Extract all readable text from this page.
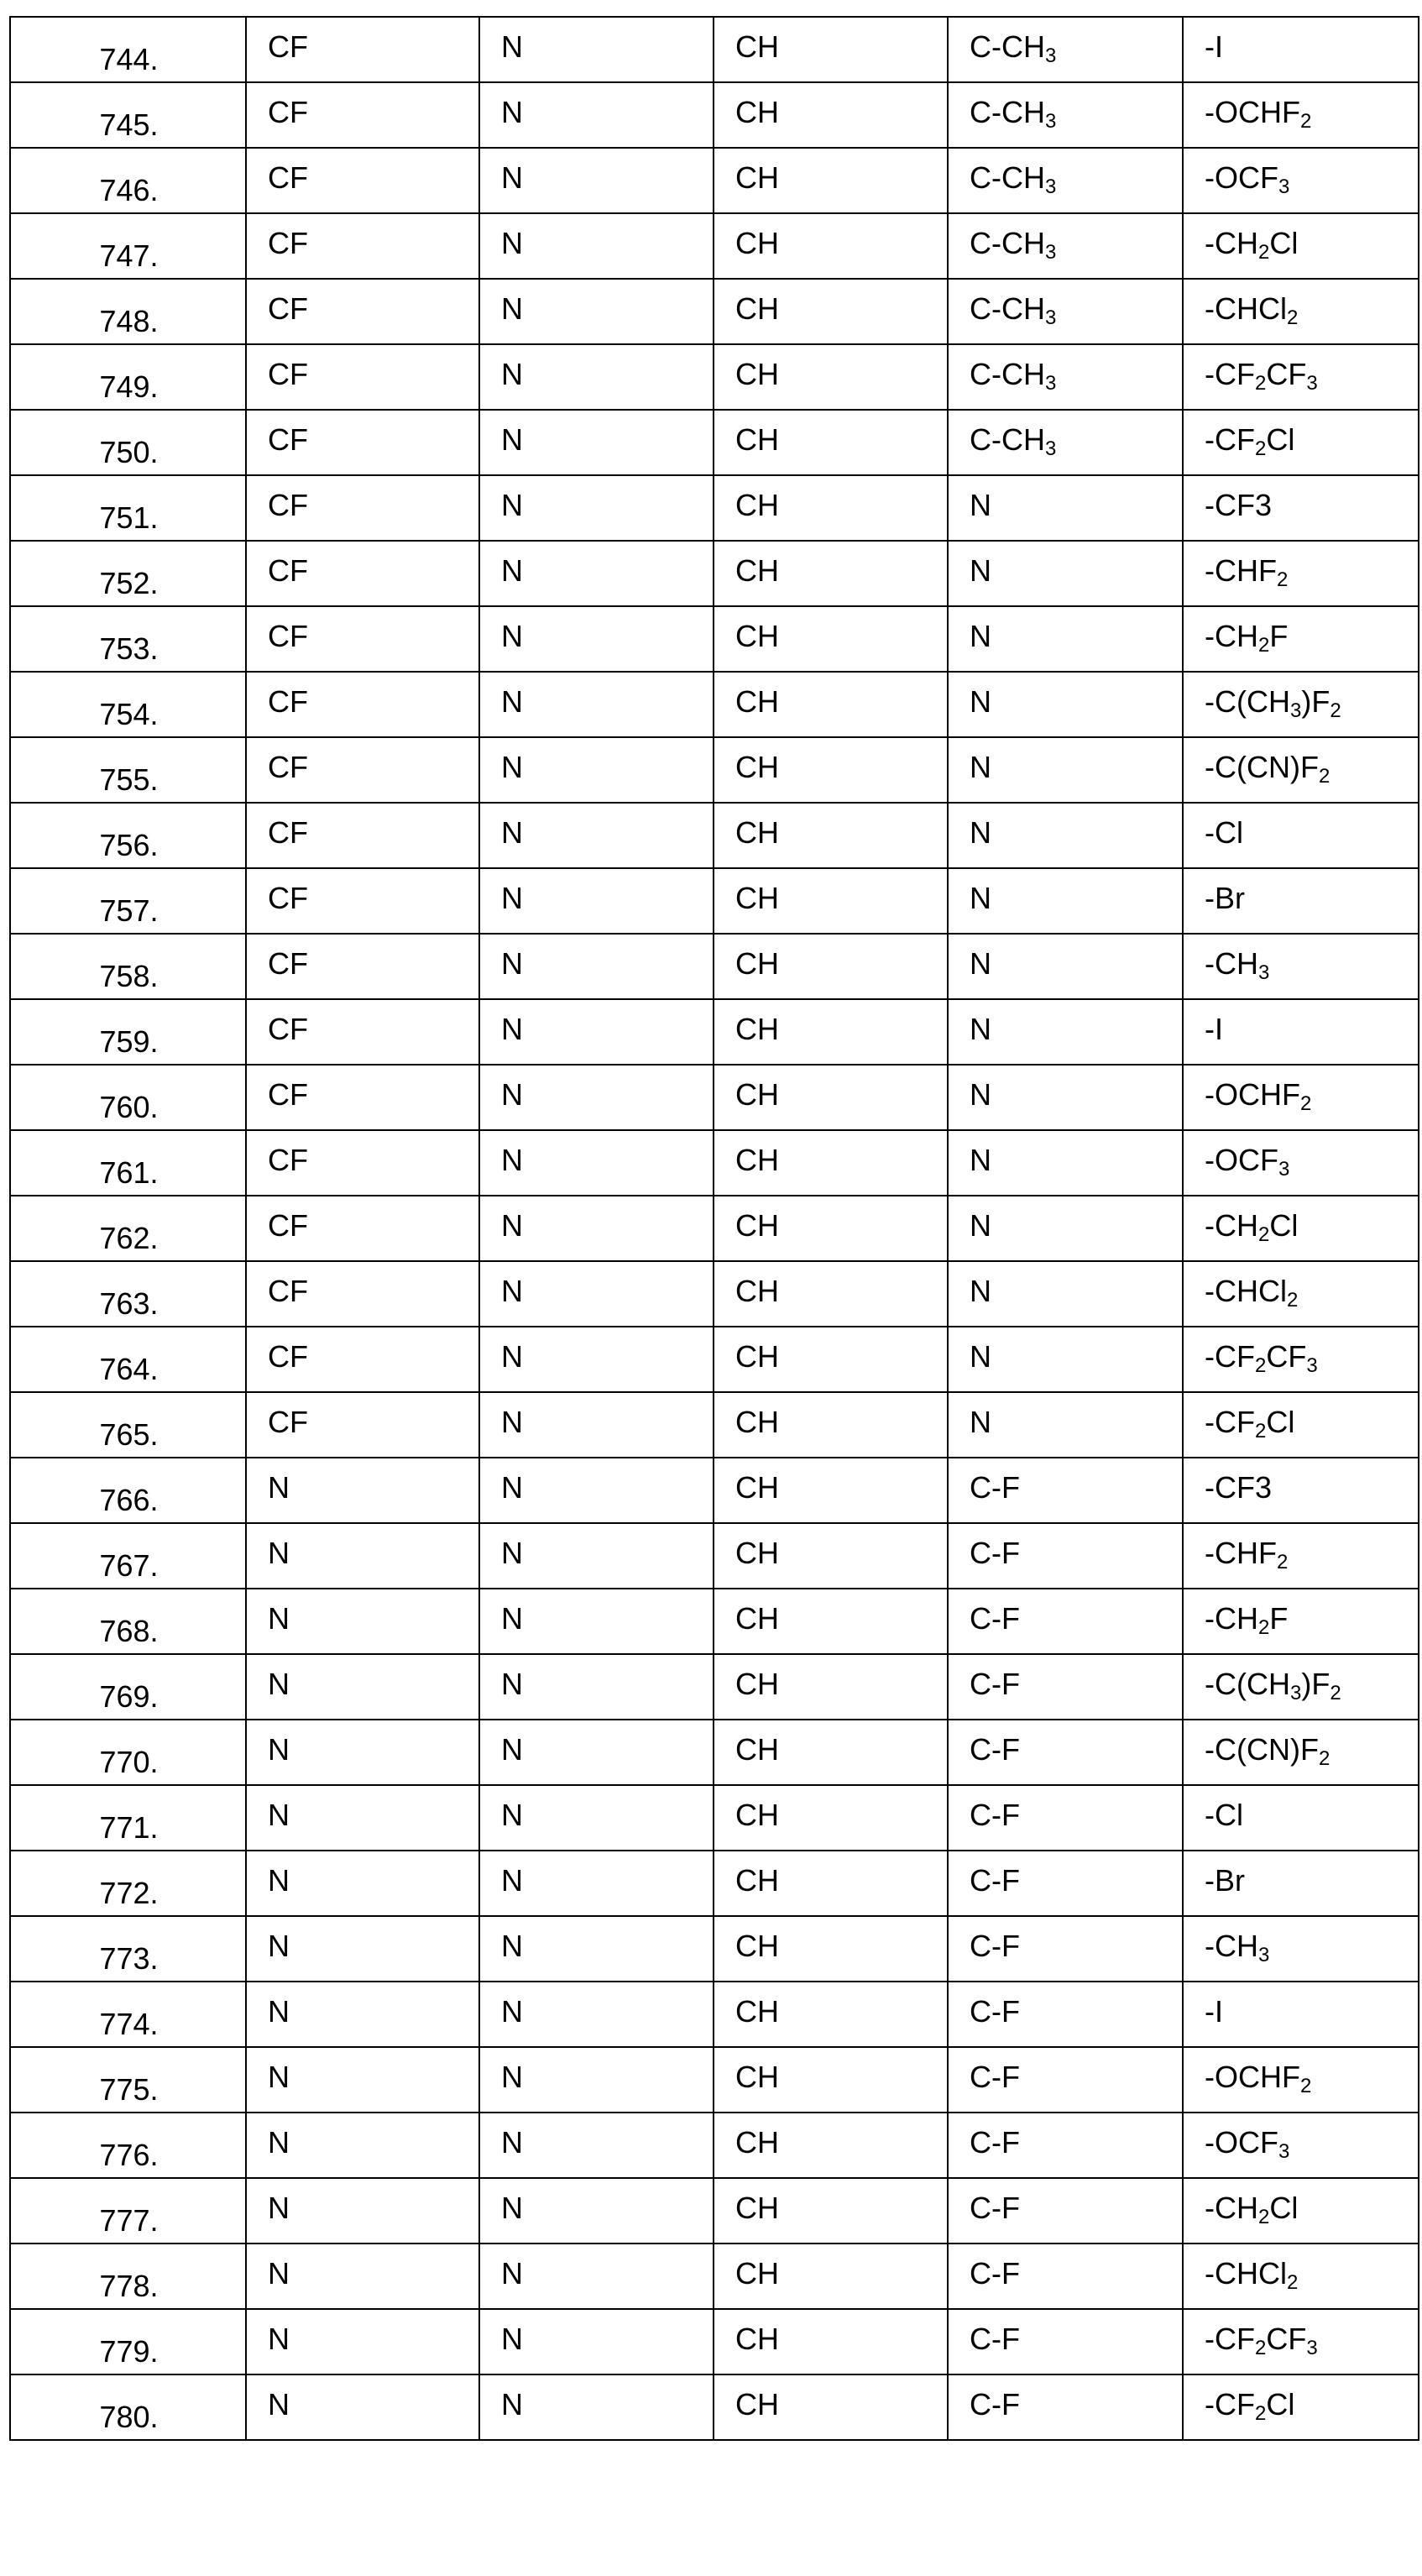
744.	CF	N	CH	$C-CH_3$	-I

745.	CF	N	CH	$C-CH_3$	$-OCHF_2$

746.	CF	N	CH	$C-CH_3$	$-OCF_3$

747.	CF	N	CH	$C-CH_3$	$-CH_2Cl$

748.	CF	N	CH	$C-CH_3$	-CHCl$_2$

749.	CF	N	CH	$C-CH_3$	$-CF_2CF_3$

750.	CF	N	CH	$C-CH_3$	$-CF_2Cl$

751.	CF	N	CH	N	-CF3

752.	CF	N	CH	N	$-CHF_2$

753.	CF	N	CH	N	$-CH_2F$

754.	CF	N	CH	N	$-C(CH_3)F_2$

755.	CF	N	CH	N	$-C(CN)F_2$

756.	CF	N	CH	N	-Cl

757.	CF	N	CH	N	-Br

758.	CF	N	CH	N	$-CH_3$

759.	CF	N	CH	N	-I

760.	CF	N	CH	N	$-OCHF_2$

761.	CF	N	CH	N	$-OCF_3$

762.	CF	N	CH	N	$-CH_2Cl$

763.	CF	N	CH	N	-CHCl$_2$

764.	CF	N	CH	N	$-CF_2CF_3$

765.	CF	N	CH	N	$-CF_2Cl$

766.	N	N	CH	C-F	-CF3

767.	N	N	CH	C-F	$-CHF_2$

768.	N	N	CH	C-F	$-CH_2F$

769.	N	N	CH	C-F	$-C(CH_3)F_2$

770.	N	N	CH	C-F	$-C(CN)F_2$

771.	N	N	CH	C-F	-Cl

772.	N	N	CH	C-F	-Br

773.	N	N	CH	C-F	$-CH_3$

774.	N	N	CH	C-F	-I

775.	N	N	CH	C-F	$-OCHF_2$

776.	N	N	CH	C-F	$-OCF_3$

777.	N	N	CH	C-F	$-CH_2Cl$

778.	N	N	CH	C-F	-CHCl$_2$

779.	N	N	CH	C-F	$-CF_2CF_3$

780.	N	N	CH	C-F	$-CF_2Cl$
